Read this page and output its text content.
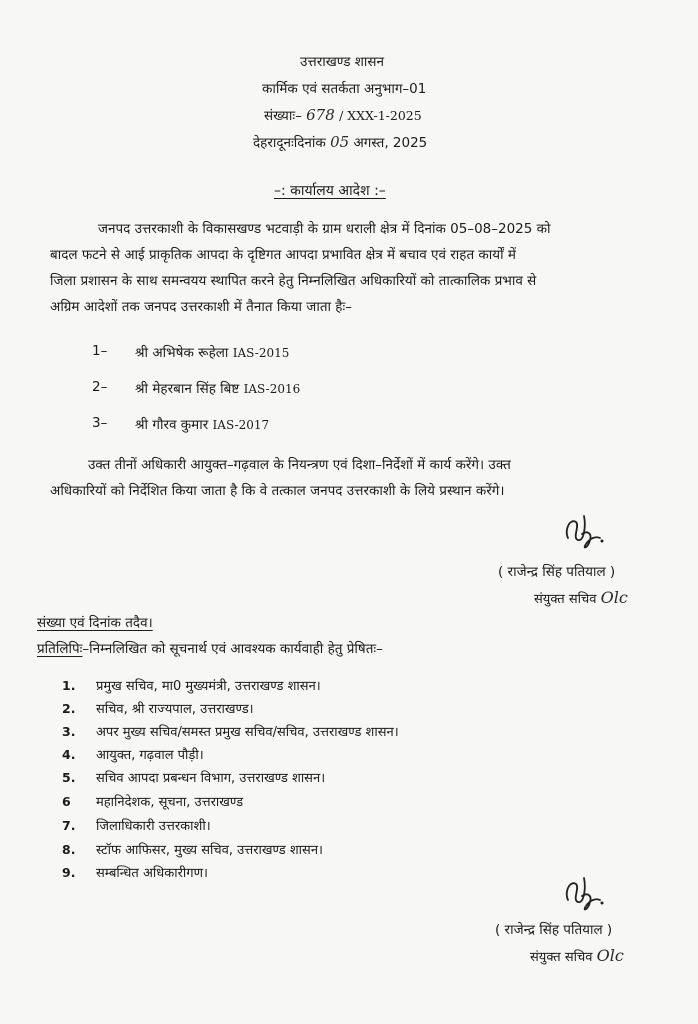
उत्तराखण्ड शासन
कार्मिक एवं सतर्कता अनुभाग–01
संख्याः– 678 / XXX-1-2025
देहरादूनःदिनांक 05 अगस्त, 2025
–: कार्यालय आदेश :–
जनपद उत्तरकाशी के विकासखण्ड भटवाड़ी के ग्राम धराली क्षेत्र में दिनांक 05–08–2025 को
बादल फटने से आई प्राकृतिक आपदा के दृष्टिगत आपदा प्रभावित क्षेत्र में बचाव एवं राहत कार्यों में
जिला प्रशासन के साथ समन्वयय स्थापित करने हेतु निम्नलिखित अधिकारियों को तात्कालिक प्रभाव से
अग्रिम आदेशों तक जनपद उत्तरकाशी में तैनात किया जाता हैः–
1– श्री अभिषेक रूहेला IAS-2015
2– श्री मेहरबान सिंह बिष्ट IAS-2016
3– श्री गौरव कुमार IAS-2017
उक्त तीनों अधिकारी आयुक्त–गढ़वाल के नियन्त्रण एवं दिशा–निर्देशों में कार्य करेंगे। उक्त
अधिकारियों को निर्देशित किया जाता है कि वे तत्काल जनपद उत्तरकाशी के लिये प्रस्थान करेंगे।
( राजेन्द्र सिंह पतियाल )
संयुक्त सचिव Olc
संख्या एवं दिनांक तदैव।
प्रतिलिपिः–निम्नलिखित को सूचनार्थ एवं आवश्यक कार्यवाही हेतु प्रेषितः–
1. प्रमुख सचिव, मा0 मुख्यमंत्री, उत्तराखण्ड शासन।
2. सचिव, श्री राज्यपाल, उत्तराखण्ड।
3. अपर मुख्य सचिव/समस्त प्रमुख सचिव/सचिव, उत्तराखण्ड शासन।
4. आयुक्त, गढ़वाल पौड़ी।
5. सचिव आपदा प्रबन्धन विभाग, उत्तराखण्ड शासन।
6 महानिदेशक, सूचना, उत्तराखण्ड
7. जिलाधिकारी उत्तरकाशी।
8. स्टॉफ आफिसर, मुख्य सचिव, उत्तराखण्ड शासन।
9. सम्बन्धित अधिकारीगण।
( राजेन्द्र सिंह पतियाल )
संयुक्त सचिव Olc
